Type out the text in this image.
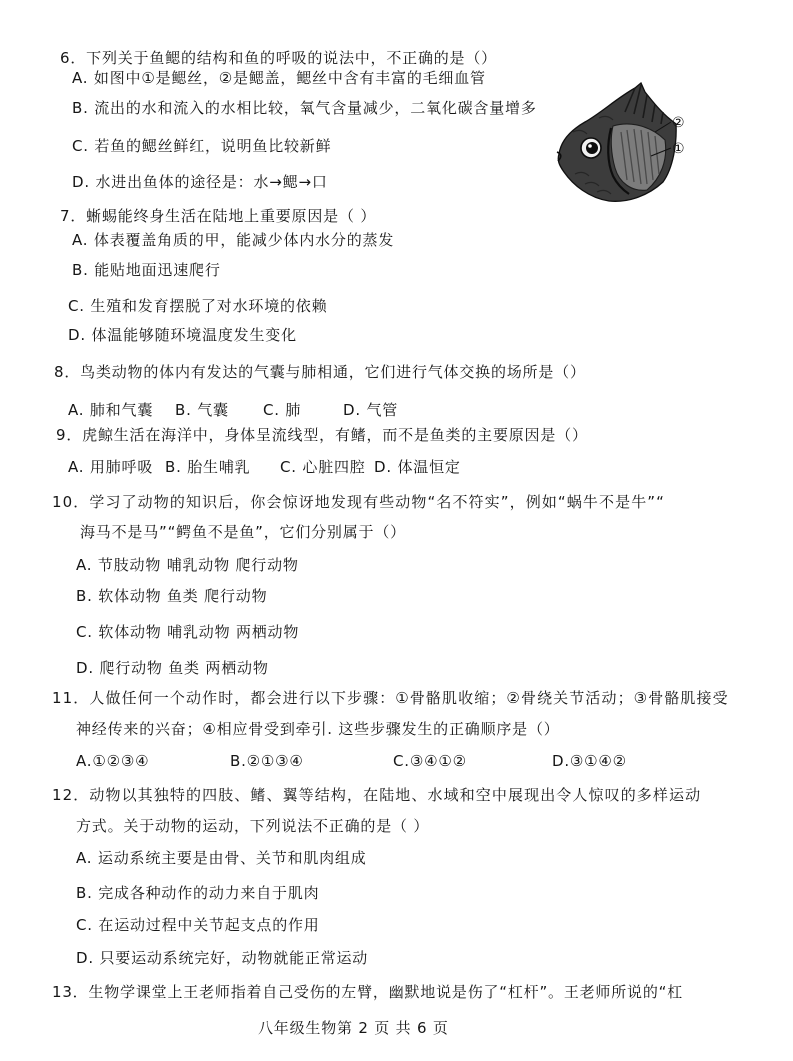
6．下列关于鱼鳃的结构和鱼的呼吸的说法中，不正确的是（）
A. 如图中①是鳃丝，②是鳃盖，鳃丝中含有丰富的毛细血管
B. 流出的水和流入的水相比较，氧气含量减少，二氧化碳含量增多
C. 若鱼的鳃丝鲜红，说明鱼比较新鲜
D. 水进出鱼体的途径是：水→鳃→口
②
①
7．蜥蜴能终身生活在陆地上重要原因是（ ）
A. 体表覆盖角质的甲，能减少体内水分的蒸发
B. 能贴地面迅速爬行
C. 生殖和发育摆脱了对水环境的依赖
D. 体温能够随环境温度发生变化
8．鸟类动物的体内有发达的气囊与肺相通，它们进行气体交换的场所是（）
A. 肺和气囊 B. 气囊 C. 肺	D. 气管
9．虎鲸生活在海洋中，身体呈流线型，有鳍，而不是鱼类的主要原因是（）
A. 用肺呼吸 B. 胎生哺乳 C. 心脏四腔 D. 体温恒定
10．学习了动物的知识后，你会惊讶地发现有些动物“名不符实”，例如“蜗牛不是牛”“
海马不是马”“鳄鱼不是鱼”，它们分别属于（）
A. 节肢动物 哺乳动物 爬行动物
B. 软体动物 鱼类 爬行动物
C. 软体动物 哺乳动物 两栖动物
D. 爬行动物 鱼类 两栖动物
11．人做任何一个动作时，都会进行以下步骤：①骨骼肌收缩；②骨绕关节活动；③骨骼肌接受
神经传来的兴奋；④相应骨受到牵引. 这些步骤发生的正确顺序是（）
A.①②③④	B.②①③④	C.③④①②	D.③①④②
12．动物以其独特的四肢、鳍、翼等结构，在陆地、水域和空中展现出令人惊叹的多样运动
方式。关于动物的运动，下列说法不正确的是（ ）
A. 运动系统主要是由骨、关节和肌肉组成
B. 完成各种动作的动力来自于肌肉
C. 在运动过程中关节起支点的作用
D. 只要运动系统完好，动物就能正常运动
13．生物学课堂上王老师指着自己受伤的左臂，幽默地说是伤了“杠杆”。王老师所说的“杠
八年级生物第 2 页 共 6 页
